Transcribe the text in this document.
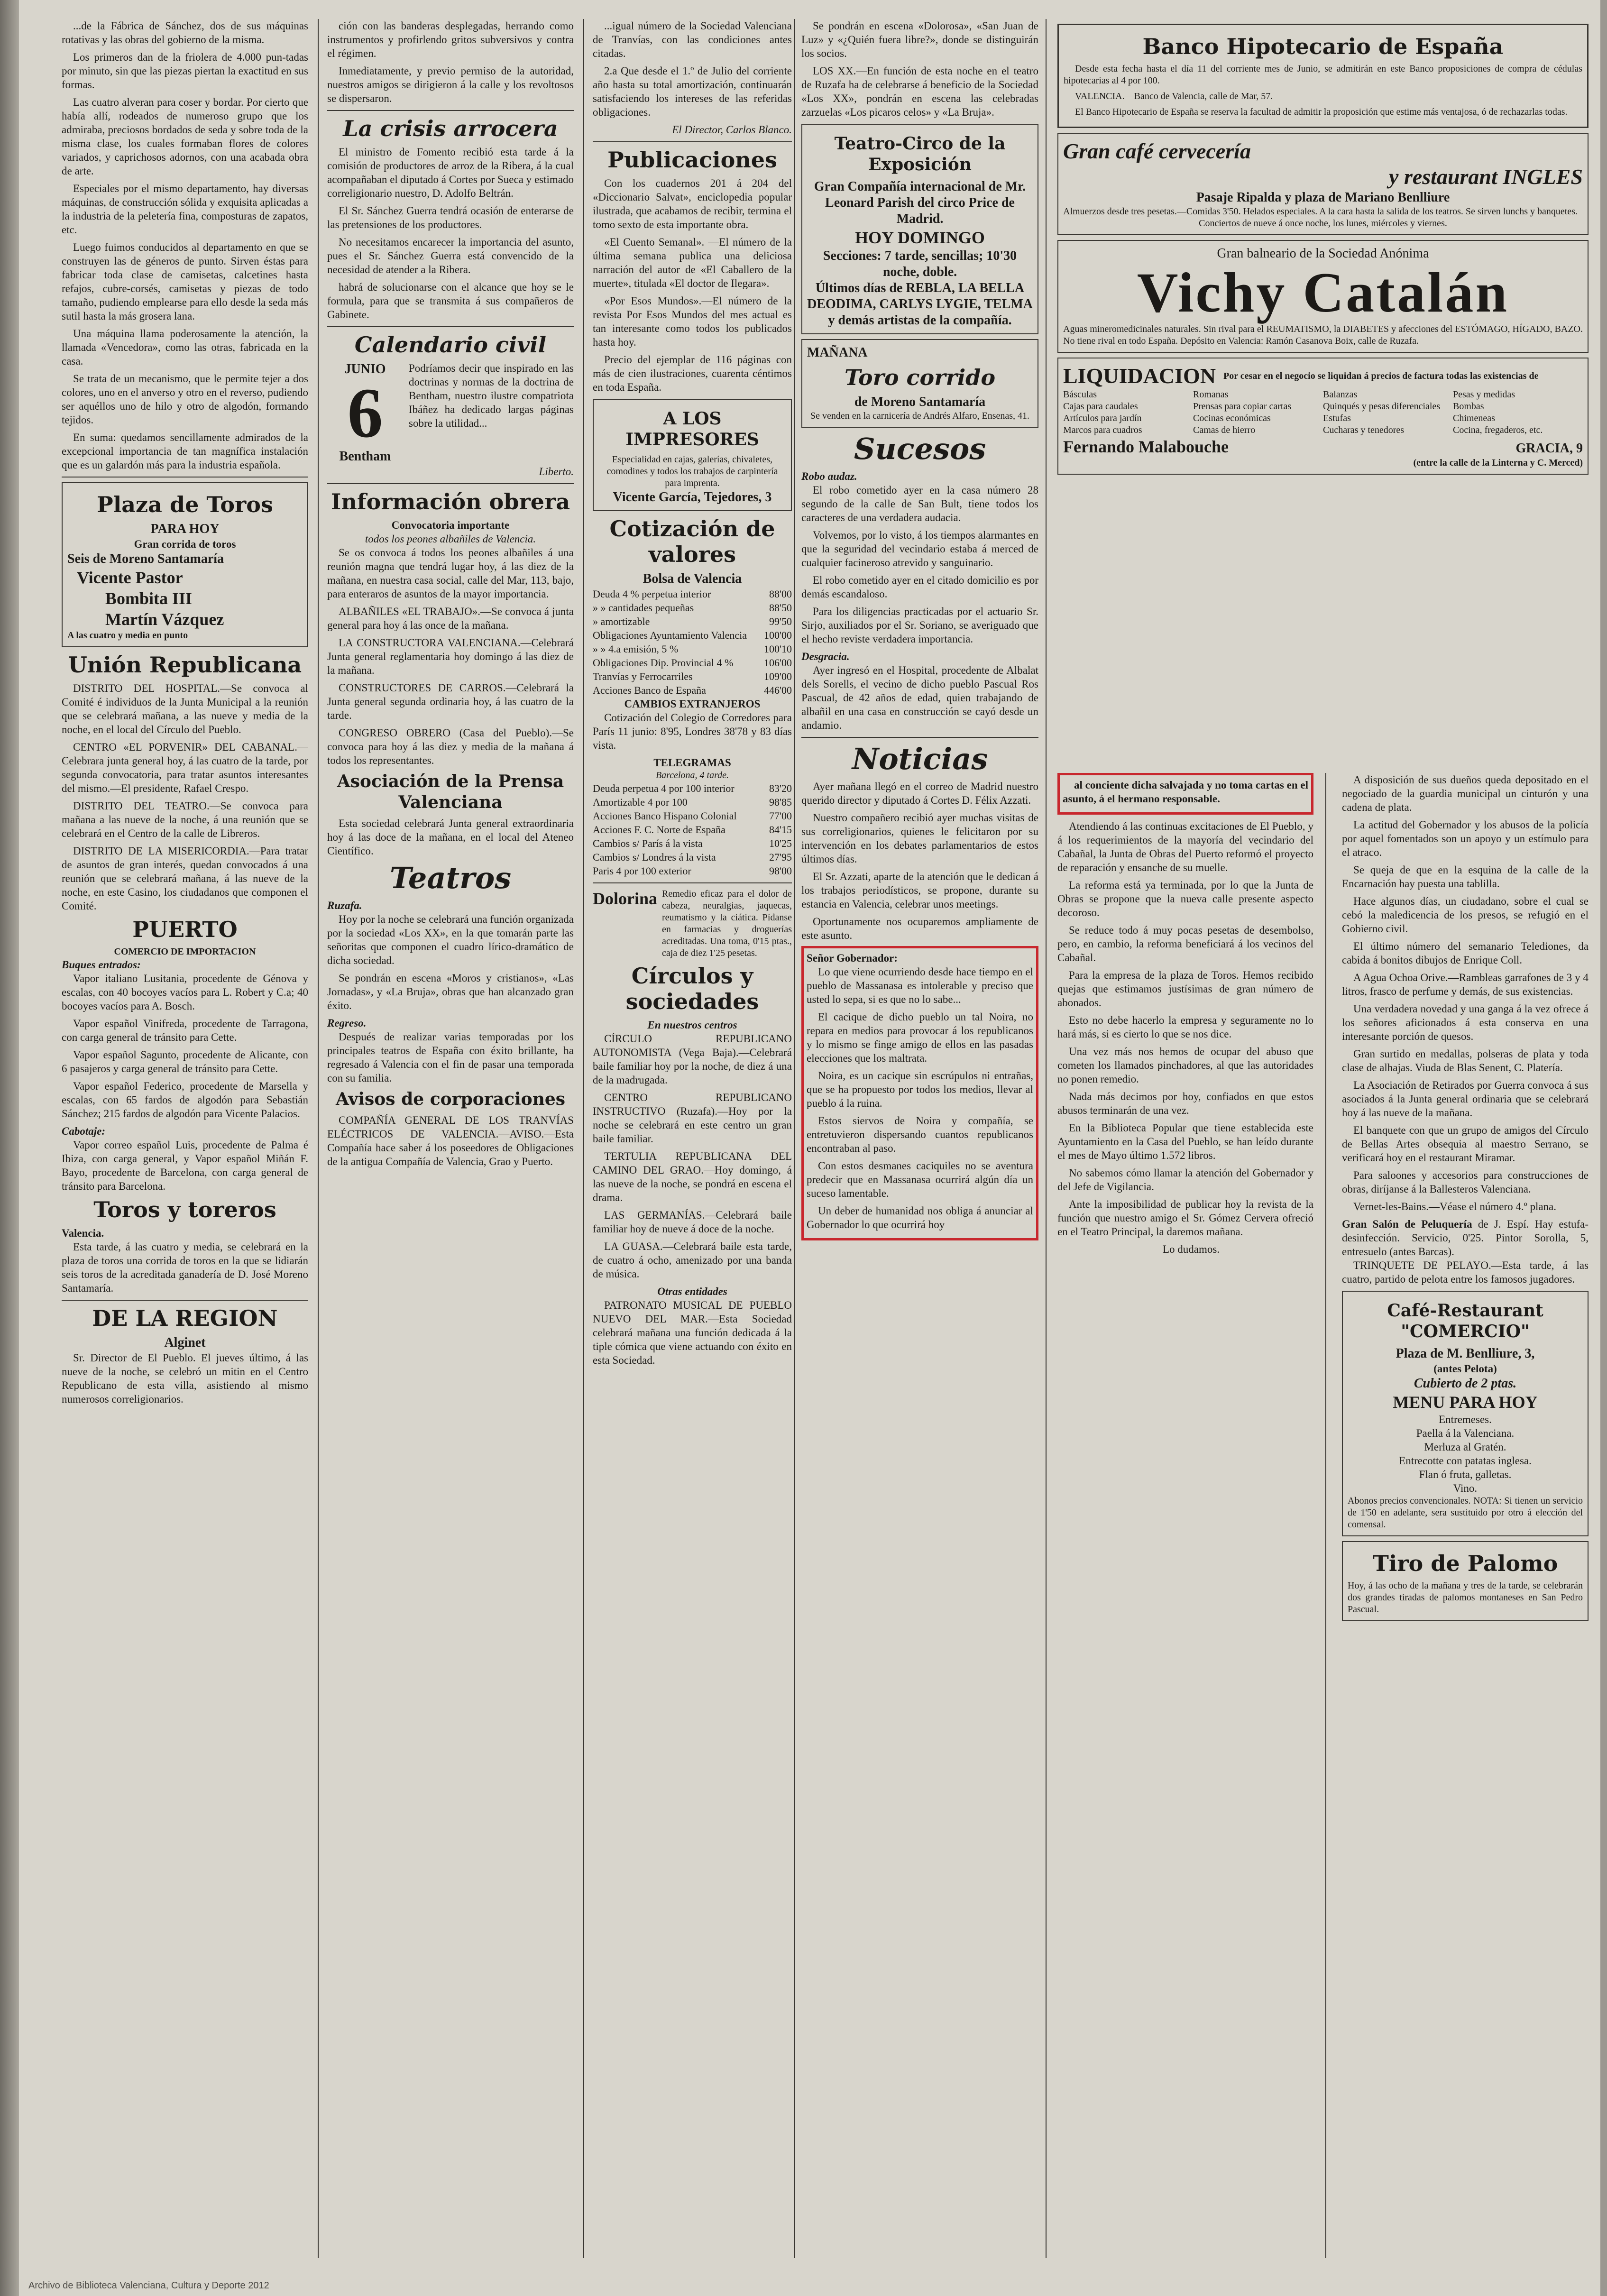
...de la Fábrica de Sánchez, dos de sus máquinas rotativas y las obras del gobierno de la misma.

Los primeros dan de la friolera de 4.000 pun-tadas por minuto, sin que las piezas piertan la exactitud en sus formas.

Las cuatro alveran para coser y bordar. Por cierto que había allí, rodeados de numeroso grupo que los admiraba, preciosos bordados de seda y sobre toda de la misma clase, los cuales formaban flores de colores variados, y caprichosos adornos, con una acabada obra de arte.

Especiales por el mismo departamento, hay diversas máquinas, de construcción sólida y exquisita aplicadas a la industria de la peletería fina, composturas de zapatos, etc.

Luego fuimos conducidos al departamento en que se construyen las de géneros de punto. Sirven éstas para fabricar toda clase de camisetas, calcetines hasta refajos, cubre-corsés, camisetas y piezas de todo tamaño, pudiendo emplearse para ello desde la seda más sutil hasta la más grosera lana.

Una máquina llama poderosamente la atención, la llamada «Vencedora», como las otras, fabricada en la casa.

Se trata de un mecanismo, que le permite tejer a dos colores, uno en el anverso y otro en el reverso, pudiendo ser aquéllos uno de hilo y otro de algodón, formando tejidos.

En suma: quedamos sencillamente admirados de la excepcional importancia de tan magnífica instalación que es un galardón más para la industria española.

Plaza de Toros
PARA HOY
Gran corrida de toros
Seis de Moreno Santamaría
Vicente Pastor
Bombita III
Martín Vázquez
A las cuatro y media en punto
Unión Republicana

DISTRITO DEL HOSPITAL.—Se convoca al Comité é individuos de la Junta Municipal a la reunión que se celebrará mañana, a las nueve y media de la noche, en el local del Círculo del Pueblo.

CENTRO «EL PORVENIR» DEL CABANAL.—Celebrara junta general hoy, á las cuatro de la tarde, por segunda convocatoria, para tratar asuntos interesantes del mismo.—El presidente, Rafael Crespo.

DISTRITO DEL TEATRO.—Se convoca para mañana a las nueve de la noche, á una reunión que se celebrará en el Centro de la calle de Libreros.

DISTRITO DE LA MISERICORDIA.—Para tratar de asuntos de gran interés, quedan convocados á una reunión que se celebrará mañana, á las nueve de la noche, en este Casino, los ciudadanos que componen el Comité.

PUERTO
COMERCIO DE IMPORTACION
Buques entrados:

Vapor italiano Lusitania, procedente de Génova y escalas, con 40 bocoyes vacíos para L. Robert y C.a; 40 bocoyes vacíos para A. Bosch.

Vapor español Vinifreda, procedente de Tarragona, con carga general de tránsito para Cette.

Vapor español Sagunto, procedente de Alicante, con 6 pasajeros y carga general de tránsito para Cette.

Vapor español Federico, procedente de Marsella y escalas, con 65 fardos de algodón para Sebastián Sánchez; 215 fardos de algodón para Vicente Palacios.

Cabotaje:

Vapor correo español Luis, procedente de Palma é Ibiza, con carga general, y Vapor español Miñán F. Bayo, procedente de Barcelona, con carga general de tránsito para Barcelona.

Toros y toreros
Valencia.

Esta tarde, á las cuatro y media, se celebrará en la plaza de toros una corrida de toros en la que se lidiarán seis toros de la acreditada ganadería de D. José Moreno Santamaría.

DE LA REGION
Alginet

Sr. Director de El Pueblo. El jueves último, á las nueve de la noche, se celebró un mitin en el Centro Republicano de esta villa, asistiendo al mismo numerosos correligionarios.

ción con las banderas desplegadas, herrando como instrumentos y profirlendo gritos subversivos y contra el régimen.

Inmediatamente, y previo permiso de la autoridad, nuestros amigos se dirigieron á la calle y los revoltosos se dispersaron.

La crisis arrocera

El ministro de Fomento recibió esta tarde á la comisión de productores de arroz de la Ribera, á la cual acompañaban el diputado á Cortes por Sueca y estimado correligionario nuestro, D. Adolfo Beltrán.

El Sr. Sánchez Guerra tendrá ocasión de enterarse de las pretensiones de los productores.

No necesitamos encarecer la importancia del asunto, pues el Sr. Sánchez Guerra está convencido de la necesidad de atender a la Ribera.

habrá de solucionarse con el alcance que hoy se le formula, para que se transmita á sus compañeros de Gabinete.

Calendario civil
JUNIO
6
Bentham
Podríamos decir que inspirado en las doctrinas y normas de la doctrina de Bentham, nuestro ilustre compatriota Ibáñez ha dedicado largas páginas sobre la utilidad...
Liberto.
Información obrera
Convocatoria importante
todos los peones albañiles de Valencia.

Se os convoca á todos los peones albañiles á una reunión magna que tendrá lugar hoy, á las diez de la mañana, en nuestra casa social, calle del Mar, 113, bajo, para enteraros de asuntos de la mayor importancia.

ALBAÑILES «EL TRABAJO».—Se convoca á junta general para hoy á las once de la mañana.

LA CONSTRUCTORA VALENCIANA.—Celebrará Junta general reglamentaria hoy domingo á las diez de la mañana.

CONSTRUCTORES DE CARROS.—Celebrará la Junta general segunda ordinaria hoy, á las cuatro de la tarde.

CONGRESO OBRERO (Casa del Pueblo).—Se convoca para hoy á las diez y media de la mañana á todos los representantes.

Asociación de la Prensa Valenciana

Esta sociedad celebrará Junta general extraordinaria hoy á las doce de la mañana, en el local del Ateneo Científico.

Teatros
Ruzafa.

Hoy por la noche se celebrará una función organizada por la sociedad «Los XX», en la que tomarán parte las señoritas que componen el cuadro lírico-dramático de dicha sociedad.

Se pondrán en escena «Moros y cristianos», «Las Jornadas», y «La Bruja», obras que han alcanzado gran éxito.

Regreso.

Después de realizar varias temporadas por los principales teatros de España con éxito brillante, ha regresado á Valencia con el fin de pasar una temporada con su familia.

Avisos de corporaciones

COMPAÑÍA GENERAL DE LOS TRANVÍAS ELÉCTRICOS DE VALENCIA.—AVISO.—Esta Compañía hace saber á los poseedores de Obligaciones de la antigua Compañía de Valencia, Grao y Puerto.

...igual número de la Sociedad Valenciana de Tranvías, con las condiciones antes citadas.

2.a Que desde el 1.º de Julio del corriente año hasta su total amortización, continuarán satisfaciendo los intereses de las referidas obligaciones.

El Director, Carlos Blanco.
Publicaciones

Con los cuadernos 201 á 204 del «Diccionario Salvat», enciclopedia popular ilustrada, que acabamos de recibir, termina el tomo sexto de esta importante obra.

«El Cuento Semanal». —El número de la última semana publica una deliciosa narración del autor de «El Caballero de la muerte», titulada «El doctor de Ilegara».

«Por Esos Mundos».—El número de la revista Por Esos Mundos del mes actual es tan interesante como todos los publicados hasta hoy.

Precio del ejemplar de 116 páginas con más de cien ilustraciones, cuarenta céntimos en toda España.

A LOS IMPRESORES
Especialidad en cajas, galerías, chivaletes, comodines y todos los trabajos de carpintería para imprenta.
Vicente García, Tejedores, 3
Cotización de valores
Bolsa de Valencia
Deuda 4 % perpetua interior	88'00
» » cantidades pequeñas	88'50
» amortizable	99'50
Obligaciones Ayuntamiento Valencia 100'00
» » 4.a emisión, 5 %	100'10
Obligaciones Dip. Provincial 4 %	106'00
Tranvías y Ferrocarriles	109'00
Acciones Banco de España	446'00
CAMBIOS EXTRANJEROS

Cotización del Colegio de Corredores para París 11 junio: 8'95, Londres 38'78 y 83 días vista.

TELEGRAMAS
Barcelona, 4 tarde.
Deuda perpetua 4 por 100 interior	83'20
Amortizable 4 por 100	98'85
Acciones Banco Hispano Colonial	77'00
Acciones F. C. Norte de España	84'15
Cambios s/ París á la vista	10'25
Cambios s/ Londres á la vista	27'95
Paris 4 por 100 exterior	98'00
Dolorina Remedio eficaz para el dolor de cabeza, neuralgias, jaquecas, reumatismo y la ciática. Pídanse en farmacias y droguerías acreditadas. Una toma, 0'15 ptas., caja de diez 1'25 pesetas.
Círculos y sociedades
En nuestros centros

CÍRCULO REPUBLICANO AUTONOMISTA (Vega Baja).—Celebrará baile familiar hoy por la noche, de diez á una de la madrugada.

CENTRO REPUBLICANO INSTRUCTIVO (Ruzafa).—Hoy por la noche se celebrará en este centro un gran baile familiar.

TERTULIA REPUBLICANA DEL CAMINO DEL GRAO.—Hoy domingo, á las nueve de la noche, se pondrá en escena el drama.

LAS GERMANÍAS.—Celebrará baile familiar hoy de nueve á doce de la noche.

LA GUASA.—Celebrará baile esta tarde, de cuatro á ocho, amenizado por una banda de música.

Otras entidades

PATRONATO MUSICAL DE PUEBLO NUEVO DEL MAR.—Esta Sociedad celebrará mañana una función dedicada á la tiple cómica que viene actuando con éxito en esta Sociedad.

Se pondrán en escena «Dolorosa», «San Juan de Luz» y «¿Quién fuera libre?», donde se distinguirán los socios.

LOS XX.—En función de esta noche en el teatro de Ruzafa ha de celebrarse á beneficio de la Sociedad «Los XX», pondrán en escena las celebradas zarzuelas «Los picaros celos» y «La Bruja».

Teatro-Circo de la Exposición
Gran Compañía internacional de Mr. Leonard Parish del circo Price de Madrid.
HOY DOMINGO
Secciones: 7 tarde, sencillas; 10'30 noche, doble.
Últimos días de REBLA, LA BELLA DEODIMA, CARLYS LYGIE, TELMA y demás artistas de la compañía.
MAÑANA
Toro corrido
de Moreno Santamaría
Se venden en la carnicería de Andrés Alfaro, Ensenas, 41.
Sucesos
Robo audaz.

El robo cometido ayer en la casa número 28 segundo de la calle de San Bult, tiene todos los caracteres de una verdadera audacia.

Volvemos, por lo visto, á los tiempos alarmantes en que la seguridad del vecindario estaba á merced de cualquier facineroso atrevido y sanguinario.

El robo cometido ayer en el citado domicilio es por demás escandaloso.

Para los diligencias practicadas por el actuario Sr. Sirjo, auxiliados por el Sr. Soriano, se averiguado que el hecho reviste verdadera importancia.

Desgracia.

Ayer ingresó en el Hospital, procedente de Albalat dels Sorells, el vecino de dicho pueblo Pascual Ros Pascual, de 42 años de edad, quien trabajando de albañil en una casa en construcción se cayó desde un andamio.

Noticias

Ayer mañana llegó en el correo de Madrid nuestro querido director y diputado á Cortes D. Félix Azzati.

Nuestro compañero recibió ayer muchas visitas de sus correligionarios, quienes le felicitaron por su intervención en los debates parlamentarios de estos últimos días.

El Sr. Azzati, aparte de la atención que le dedican á los trabajos periodísticos, se propone, durante su estancia en Valencia, celebrar unos meetings.

Oportunamente nos ocuparemos ampliamente de este asunto.

Señor Gobernador:

Lo que viene ocurriendo desde hace tiempo en el pueblo de Massanasa es intolerable y preciso que usted lo sepa, si es que no lo sabe...

El cacique de dicho pueblo un tal Noira, no repara en medios para provocar á los republicanos y lo mismo se finge amigo de ellos en las pasadas elecciones que los maltrata.

Noira, es un cacique sin escrúpulos ni entrañas, que se ha propuesto por todos los medios, llevar al pueblo á la ruina.

Estos siervos de Noira y compañía, se entretuvieron dispersando cuantos republicanos encontraban al paso.

Con estos desmanes caciquiles no se aventura predecir que en Massanasa ocurrirá algún día un suceso lamentable.

Un deber de humanidad nos obliga á anunciar al Gobernador lo que ocurrirá hoy

Banco Hipotecario de España

Desde esta fecha hasta el día 11 del corriente mes de Junio, se admitirán en este Banco proposiciones de compra de cédulas hipotecarias al 4 por 100.

VALENCIA.—Banco de Valencia, calle de Mar, 57.

El Banco Hipotecario de España se reserva la facultad de admitir la proposición que estime más ventajosa, ó de rechazarlas todas.

Gran café cervecería
y restaurant INGLES
Pasaje Ripalda y plaza de Mariano Benlliure
Almuerzos desde tres pesetas.—Comidas 3'50. Helados especiales. A la cara hasta la salida de los teatros. Se sirven lunchs y banquetes.
Conciertos de nueve á once noche, los lunes, miércoles y viernes.
Gran balneario de la Sociedad Anónima
Vichy Catalán
Aguas mineromedicinales naturales. Sin rival para el REUMATISMO, la DIABETES y afecciones del ESTÓMAGO, HÍGADO, BAZO. No tiene rival en todo España. Depósito en Valencia: Ramón Casanova Boix, calle de Ruzafa.
LIQUIDACION Por cesar en el negocio se liquidan á precios de factura todas las existencias de
Básculas	Romanas	Balanzas	Pesas y medidas
Cajas para caudales	Prensas para copiar cartas	Quinqués y pesas diferenciales	Bombas
Artículos para jardín	Cocinas económicas	Estufas	Chimeneas
Marcos para cuadros	Camas de hierro	Cucharas y tenedores	Cocina, fregaderos, etc.
Fernando Malabouche	GRACIA, 9
(entre la calle de la Linterna y C. Merced)

al conciente dicha salvajada y no toma cartas en el asunto, á el hermano responsable.

Atendiendo á las continuas excitaciones de El Pueblo, y á los requerimientos de la mayoría del vecindario del Cabañal, la Junta de Obras del Puerto reformó el proyecto de reparación y ensanche de su muelle.

La reforma está ya terminada, por lo que la Junta de Obras se propone que la nueva calle presente aspecto decoroso.

Se reduce todo á muy pocas pesetas de desembolso, pero, en cambio, la reforma beneficiará á los vecinos del Cabañal.

Para la empresa de la plaza de Toros. Hemos recibido quejas que estimamos justísimas de gran número de abonados.

Esto no debe hacerlo la empresa y seguramente no lo hará más, si es cierto lo que se nos dice.

Una vez más nos hemos de ocupar del abuso que cometen los llamados pinchadores, al que las autoridades no ponen remedio.

Nada más decimos por hoy, confiados en que estos abusos terminarán de una vez.

En la Biblioteca Popular que tiene establecida este Ayuntamiento en la Casa del Pueblo, se han leído durante el mes de Mayo último 1.572 libros.

No sabemos cómo llamar la atención del Gobernador y del Jefe de Vigilancia.

Ante la imposibilidad de publicar hoy la revista de la función que nuestro amigo el Sr. Gómez Cervera ofreció en el Teatro Principal, la daremos mañana.

Lo dudamos.

A disposición de sus dueños queda depositado en el negociado de la guardia municipal un cinturón y una cadena de plata.

La actitud del Gobernador y los abusos de la policía por aquel fomentados son un apoyo y un estímulo para el atraco.

Se queja de que en la esquina de la calle de la Encarnación hay puesta una tablilla.

Hace algunos días, un ciudadano, sobre el cual se cebó la maledicencia de los presos, se refugió en el Gobierno civil.

El último número del semanario Telediones, da cabida á bonitos dibujos de Enrique Coll.

A Agua Ochoa Orive.—Rambleas garrafones de 3 y 4 litros, frasco de perfume y demás, de sus existencias.

Una verdadera novedad y una ganga á la vez ofrece á los señores aficionados á esta conserva en una interesante porción de quesos.

Gran surtido en medallas, polseras de plata y toda clase de alhajas. Viuda de Blas Senent, C. Platería.

La Asociación de Retirados por Guerra convoca á sus asociados á la Junta general ordinaria que se celebrará hoy á las nueve de la mañana.

El banquete con que un grupo de amigos del Círculo de Bellas Artes obsequia al maestro Serrano, se verificará hoy en el restaurant Miramar.

Para saloones y accesorios para construcciones de obras, diríjanse á la Ballesteros Valenciana.

Vernet-les-Bains.—Véase el número 4.º plana.

Gran Salón de Peluquería de J. Espí. Hay estufa-desinfección. Servicio, 0'25. Pintor Sorolla, 5, entresuelo (antes Barcas).

TRINQUETE DE PELAYO.—Esta tarde, á las cuatro, partido de pelota entre los famosos jugadores.

Café-Restaurant "COMERCIO"
Plaza de M. Benlliure, 3,
(antes Pelota)
Cubierto de 2 ptas.
MENU PARA HOY
Entremeses.
Paella á la Valenciana.
Merluza al Gratén.
Entrecotte con patatas inglesa.
Flan ó fruta, galletas.
Vino.
Abonos precios convencionales. NOTA: Si tienen un servicio de 1'50 en adelante, sera sustituido por otro á elección del comensal.
Tiro de Palomo
Hoy, á las ocho de la mañana y tres de la tarde, se celebrarán dos grandes tiradas de palomos montaneses en San Pedro Pascual.
Archivo de Biblioteca Valenciana, Cultura y Deporte 2012
